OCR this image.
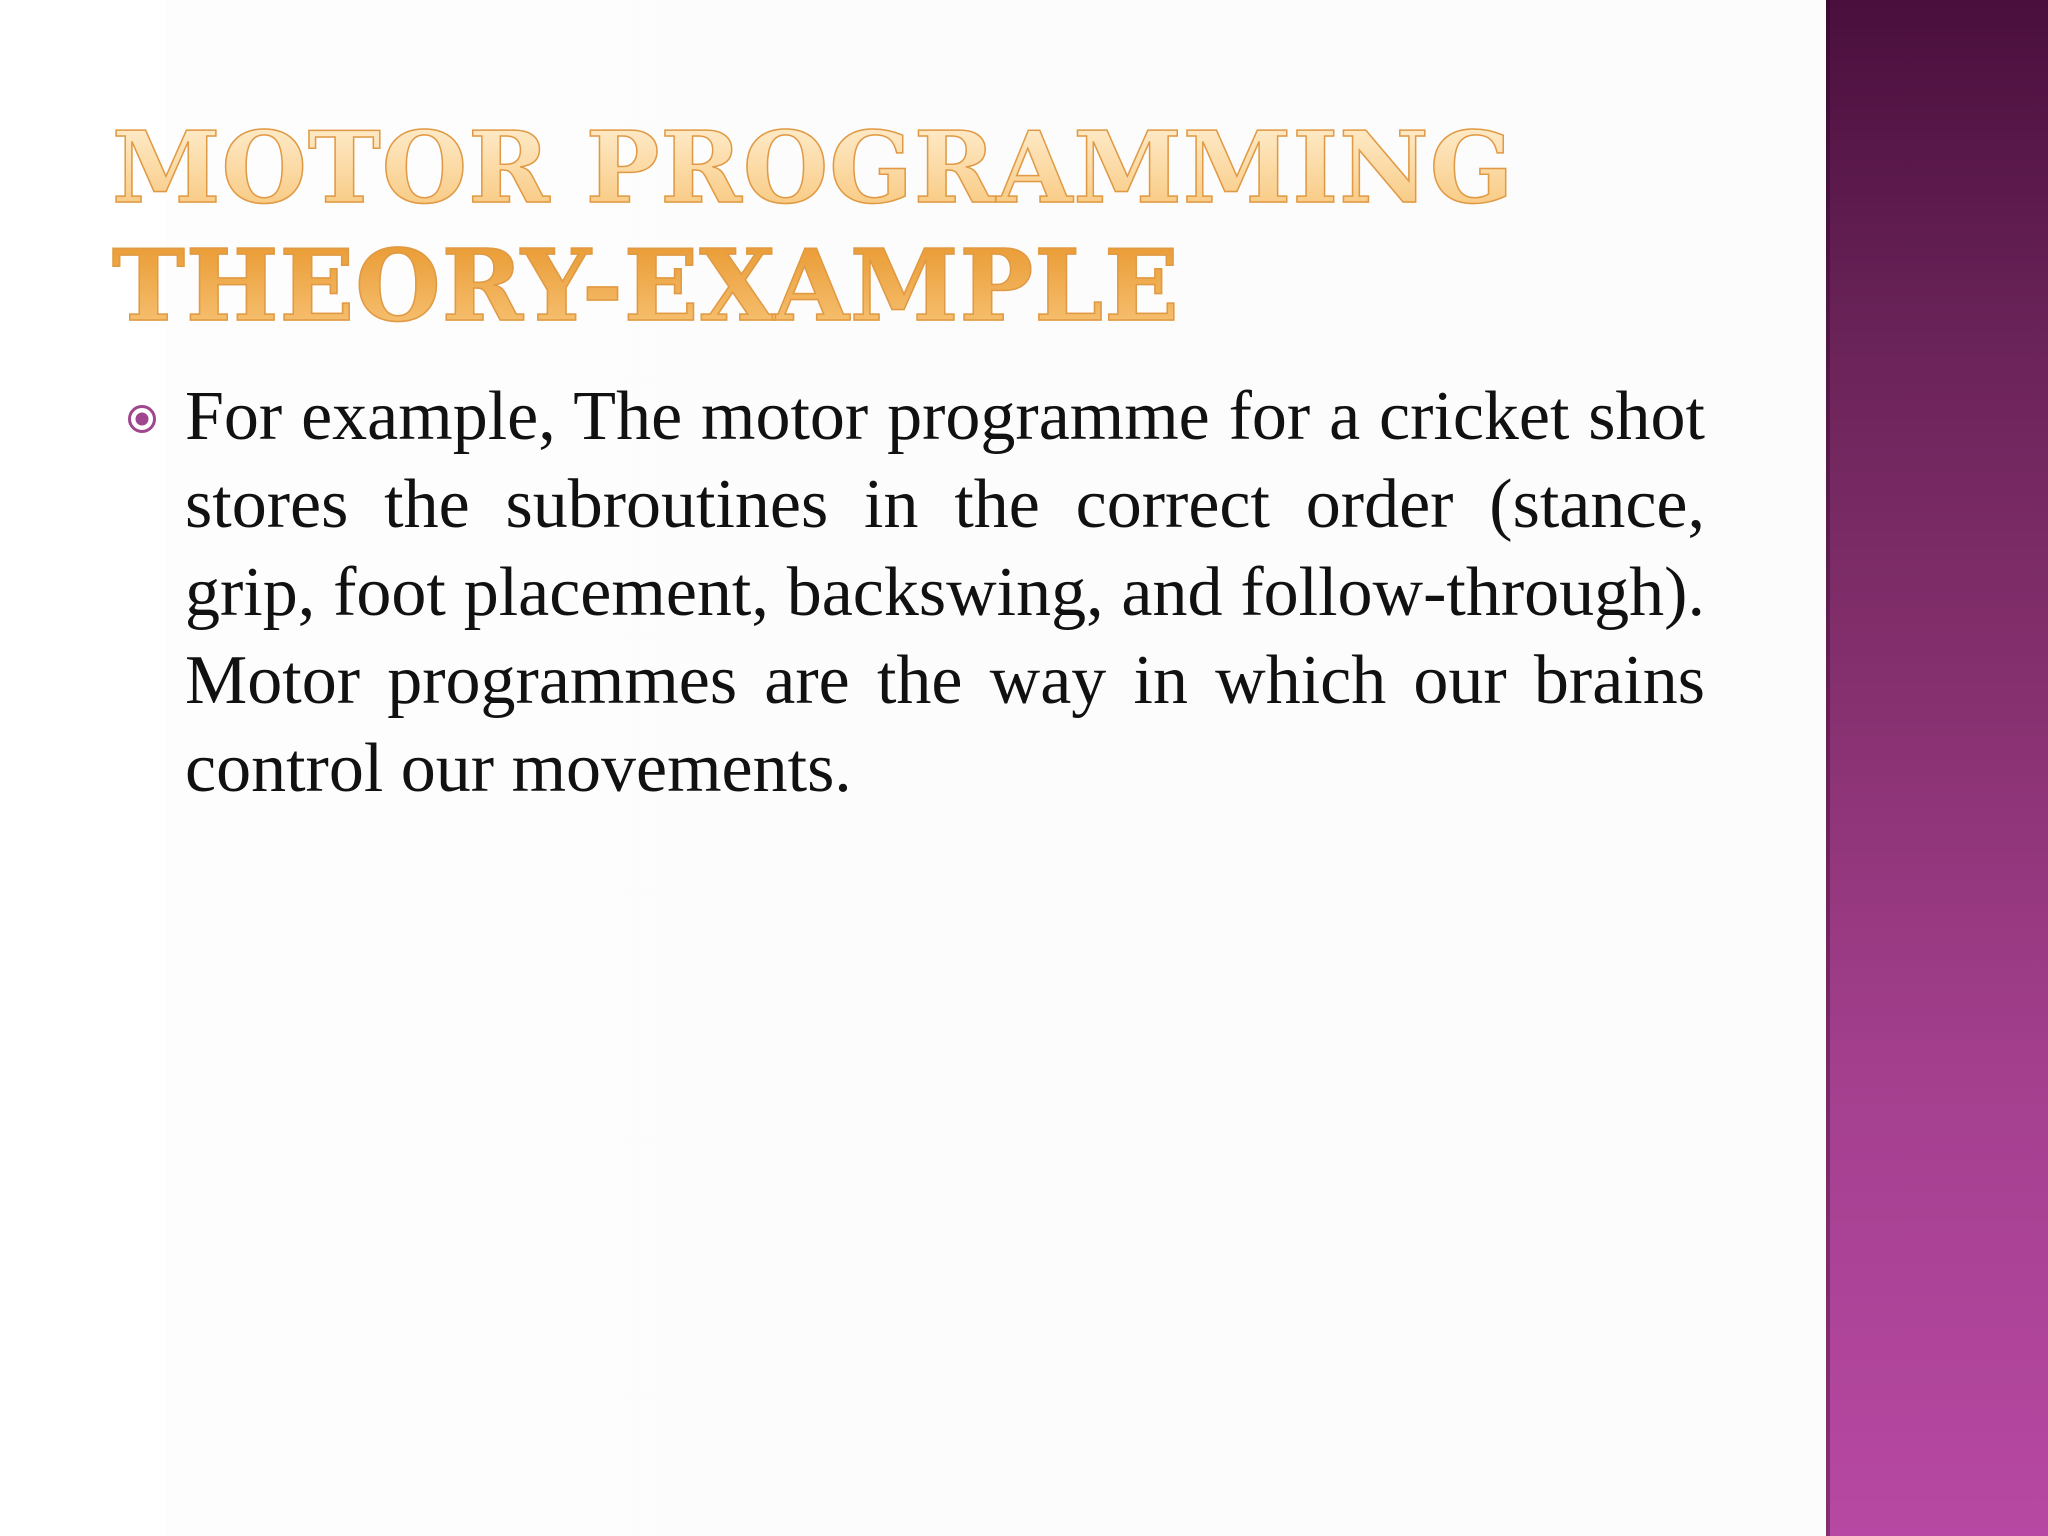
MOTOR PROGRAMMING
THEORY-EXAMPLE

For example, The motor programme for a cricket shot stores the subroutines in the correct order (stance, grip, foot placement, backswing, and follow-through). Motor programmes are the way in which our brains control our movements.
